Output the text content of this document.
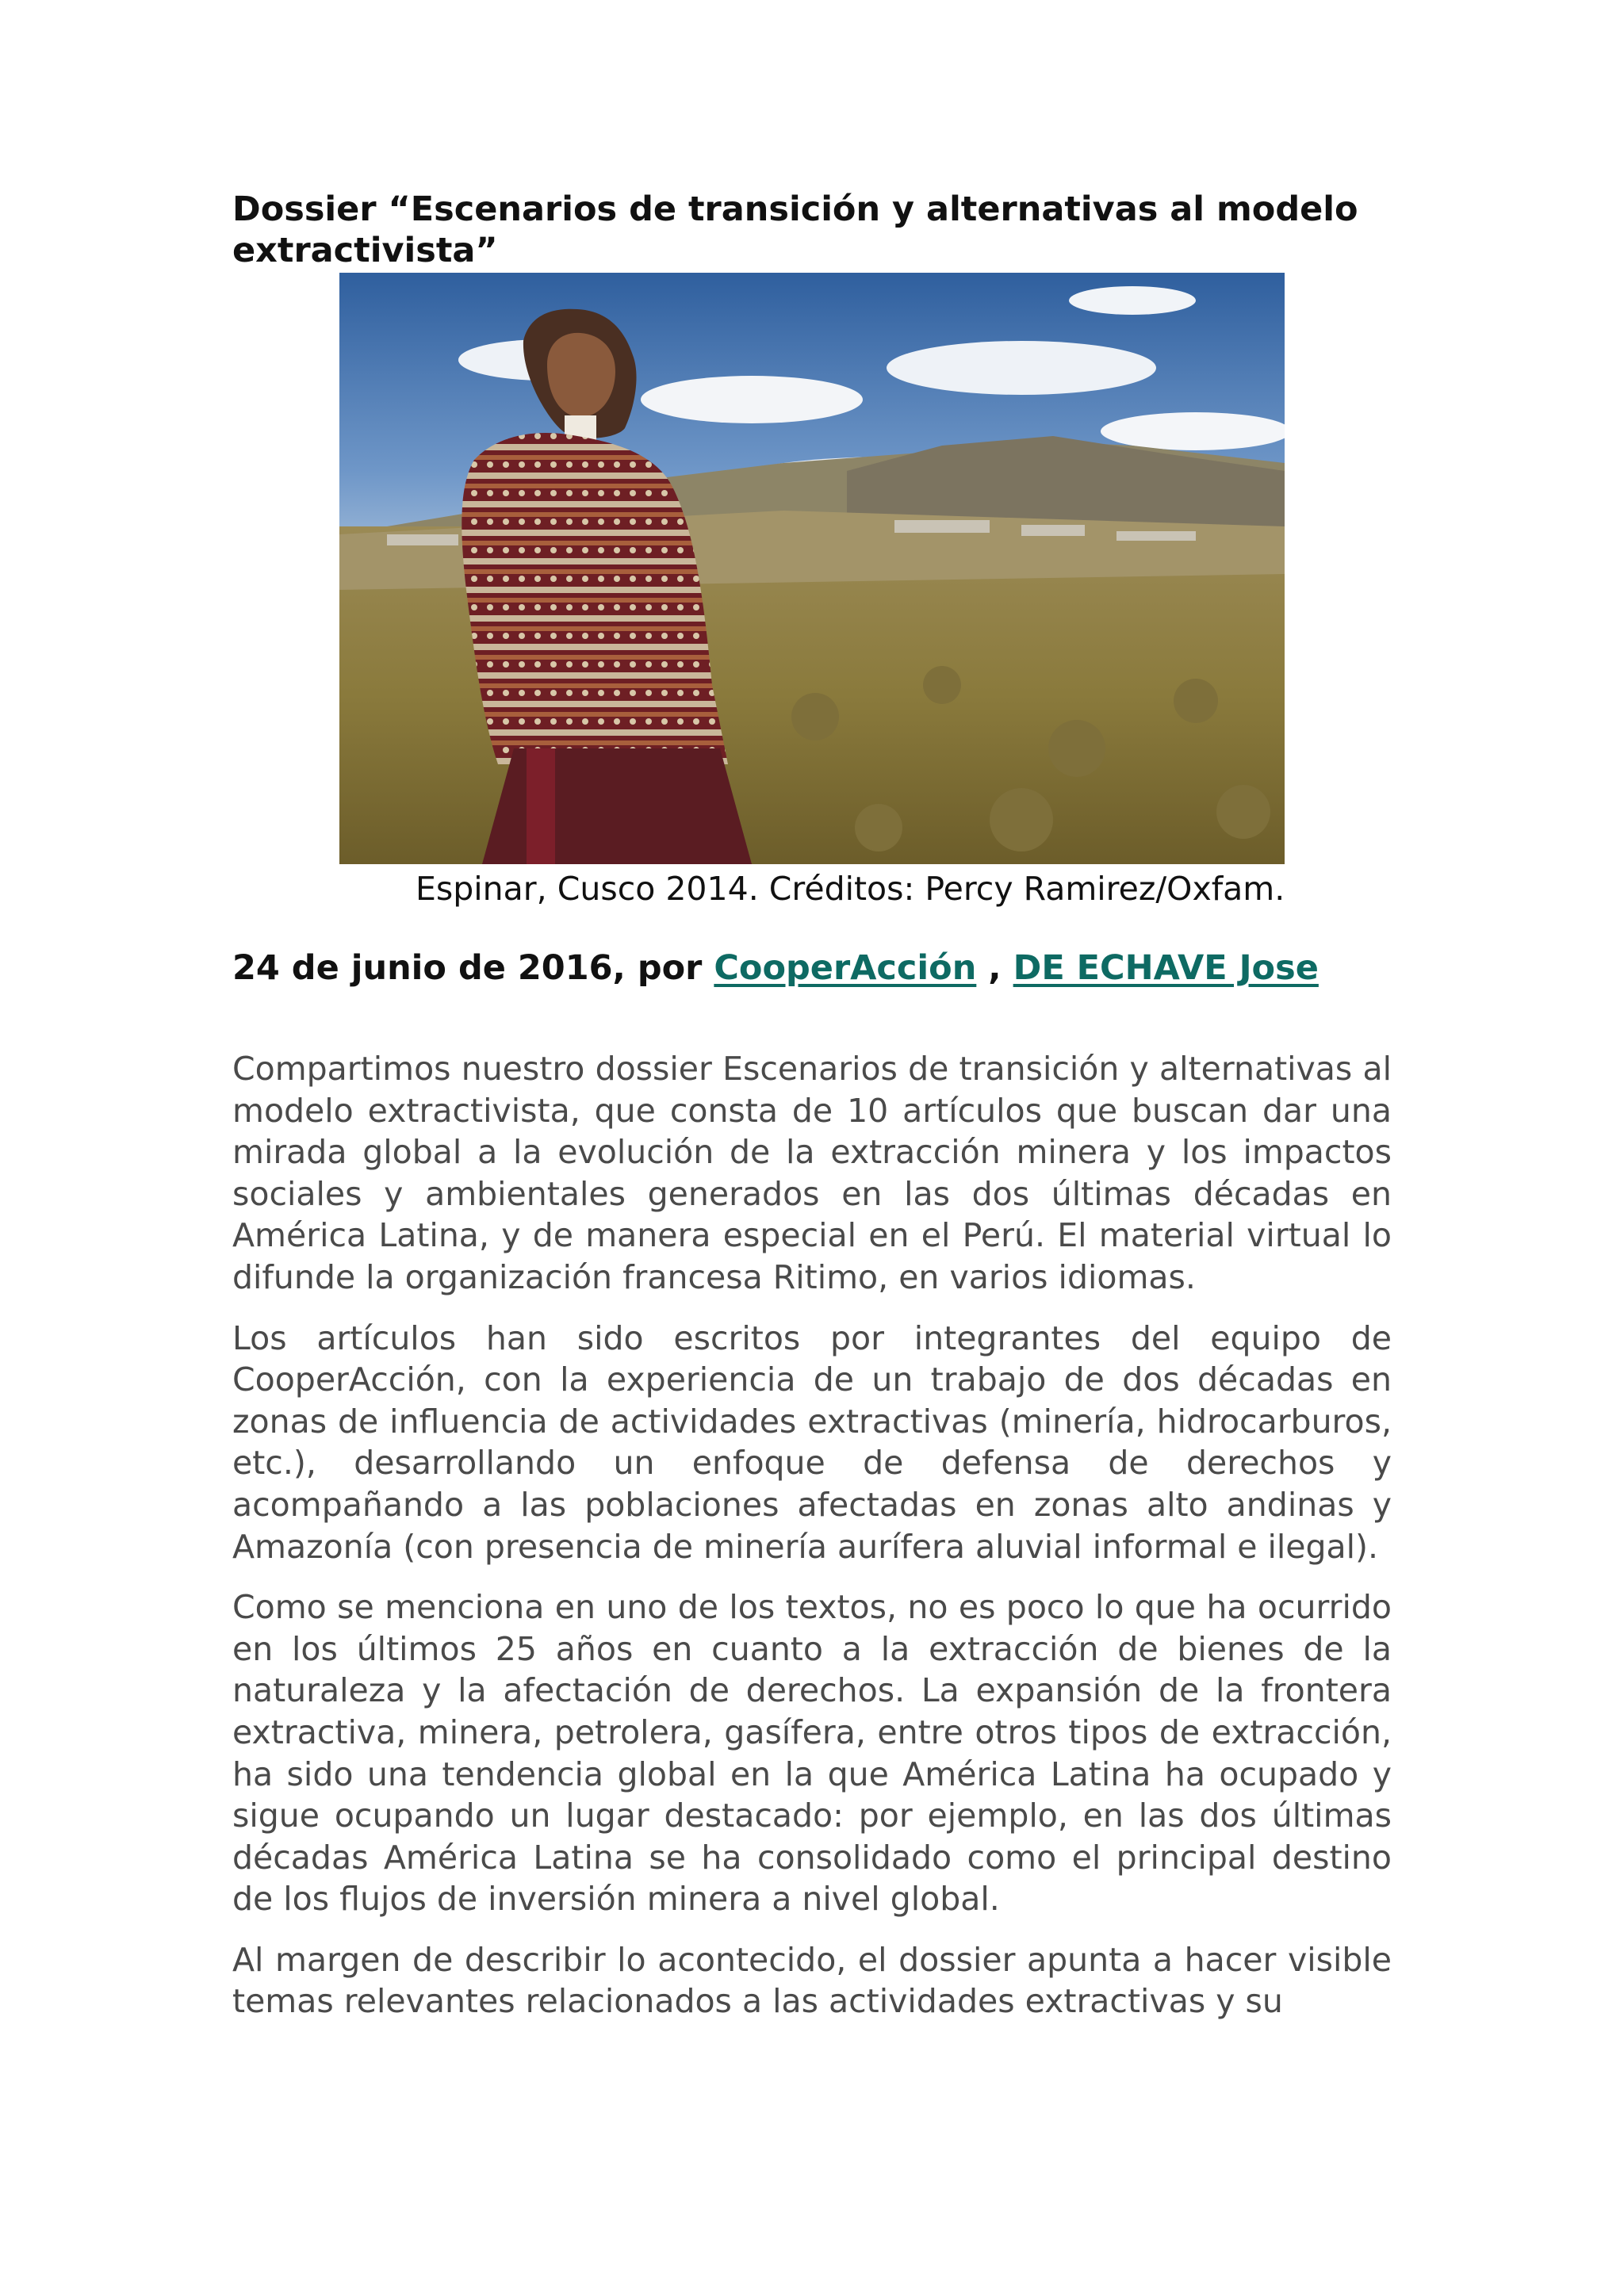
Dossier “Escenarios de transición y alternativas al modelo extractivista”
Espinar, Cusco 2014. Créditos: Percy Ramirez/Oxfam.
24 de junio de 2016, por CooperAcción , DE ECHAVE Jose

Compartimos nuestro dossier Escenarios de transición y alternativas al modelo extractivista, que consta de 10 artículos que buscan dar una mirada global a la evolución de la extracción minera y los impactos sociales y ambientales generados en las dos últimas décadas en América Latina, y de manera especial en el Perú. El material virtual lo difunde la organización francesa Ritimo, en varios idiomas.

Los artículos han sido escritos por integrantes del equipo de CooperAcción, con la experiencia de un trabajo de dos décadas en zonas de influencia de actividades extractivas (minería, hidrocarburos, etc.), desarrollando un enfoque de defensa de derechos y acompañando a las poblaciones afectadas en zonas alto andinas y Amazonía (con presencia de minería aurífera aluvial informal e ilegal).

Como se menciona en uno de los textos, no es poco lo que ha ocurrido en los últimos 25 años en cuanto a la extracción de bienes de la naturaleza y la afectación de derechos. La expansión de la frontera extractiva, minera, petrolera, gasífera, entre otros tipos de extracción, ha sido una tendencia global en la que América Latina ha ocupado y sigue ocupando un lugar destacado: por ejemplo, en las dos últimas décadas América Latina se ha consolidado como el principal destino de los flujos de inversión minera a nivel global.

Al margen de describir lo acontecido, el dossier apunta a hacer visible temas relevantes relacionados a las actividades extractivas y su
